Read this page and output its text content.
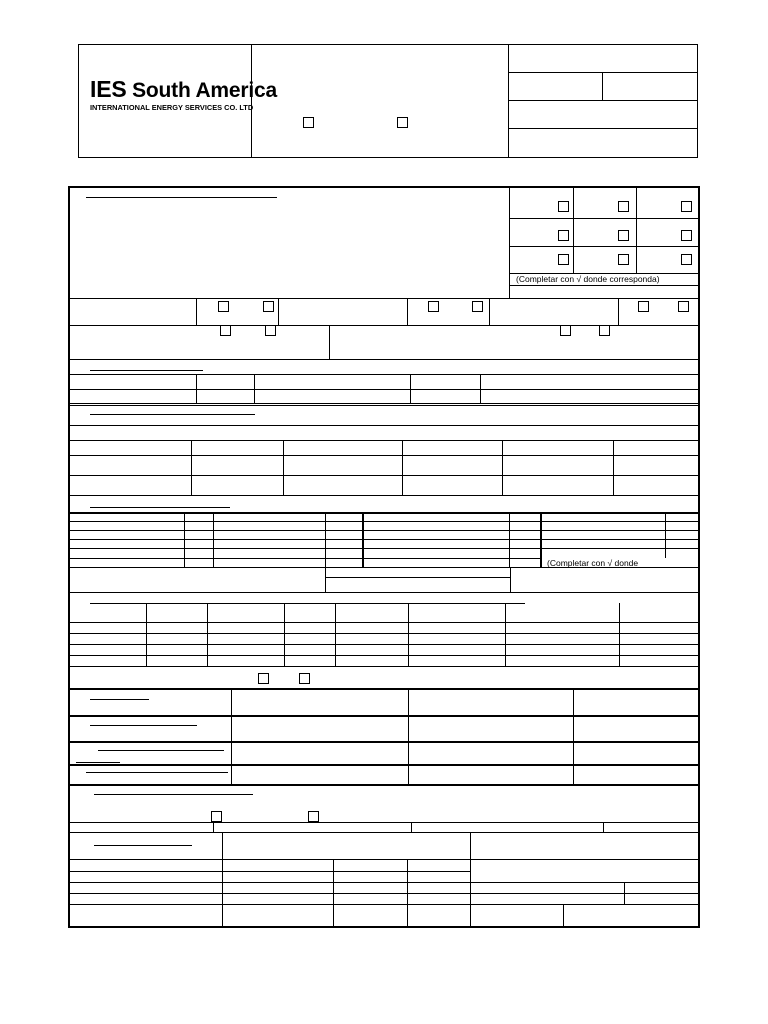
IES South America
INTERNATIONAL ENERGY SERVICES CO. LTD
(Completar con √ donde corresponda)
(Completar con √ donde
